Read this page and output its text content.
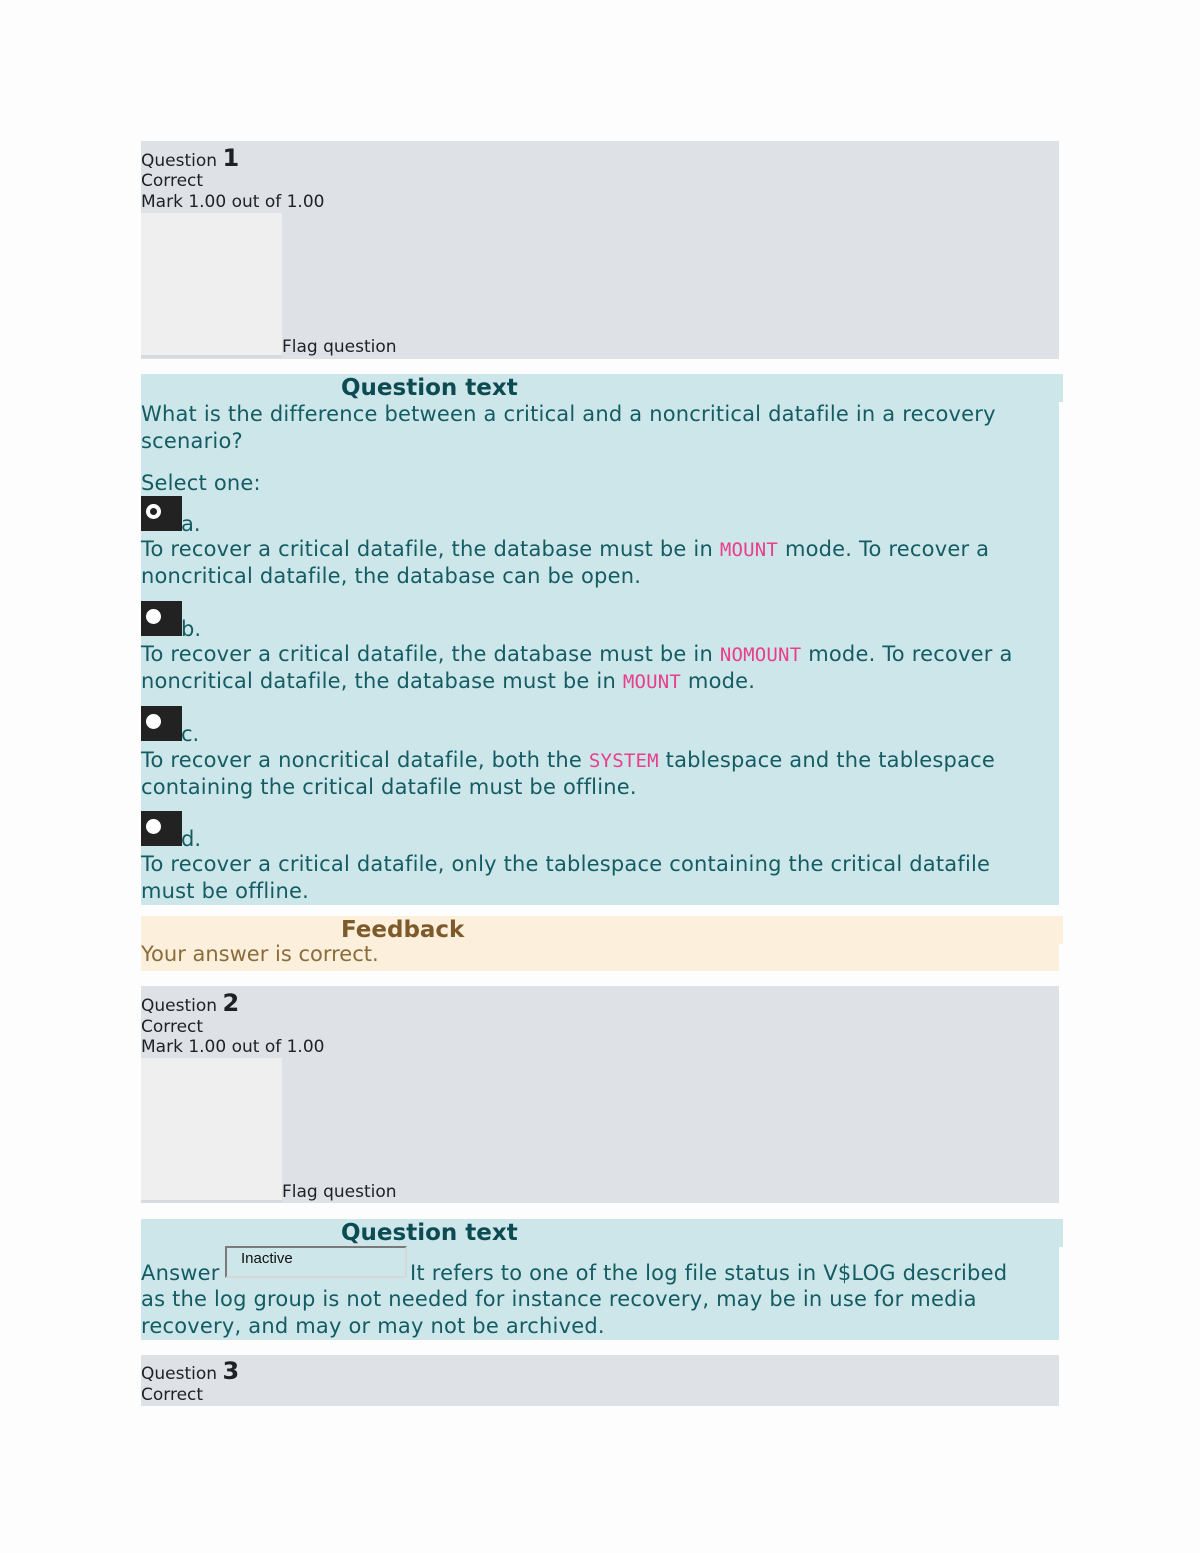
Question 1
Correct
Mark 1.00 out of 1.00
Flag question
Question text
What is the difference between a critical and a noncritical datafile in a recovery
scenario?
Select one:
a.
To recover a critical datafile, the database must be in MOUNT mode. To recover a
noncritical datafile, the database can be open.
b.
To recover a critical datafile, the database must be in NOMOUNT mode. To recover a
noncritical datafile, the database must be in MOUNT mode.
c.
To recover a noncritical datafile, both the SYSTEM tablespace and the tablespace
containing the critical datafile must be offline.
d.
To recover a critical datafile, only the tablespace containing the critical datafile
must be offline.
Feedback
Your answer is correct.
Question 2
Correct
Mark 1.00 out of 1.00
Flag question
Question text
Answer
Inactive
It refers to one of the log file status in V$LOG described
as the log group is not needed for instance recovery, may be in use for media
recovery, and may or may not be archived.
Question 3
Correct
